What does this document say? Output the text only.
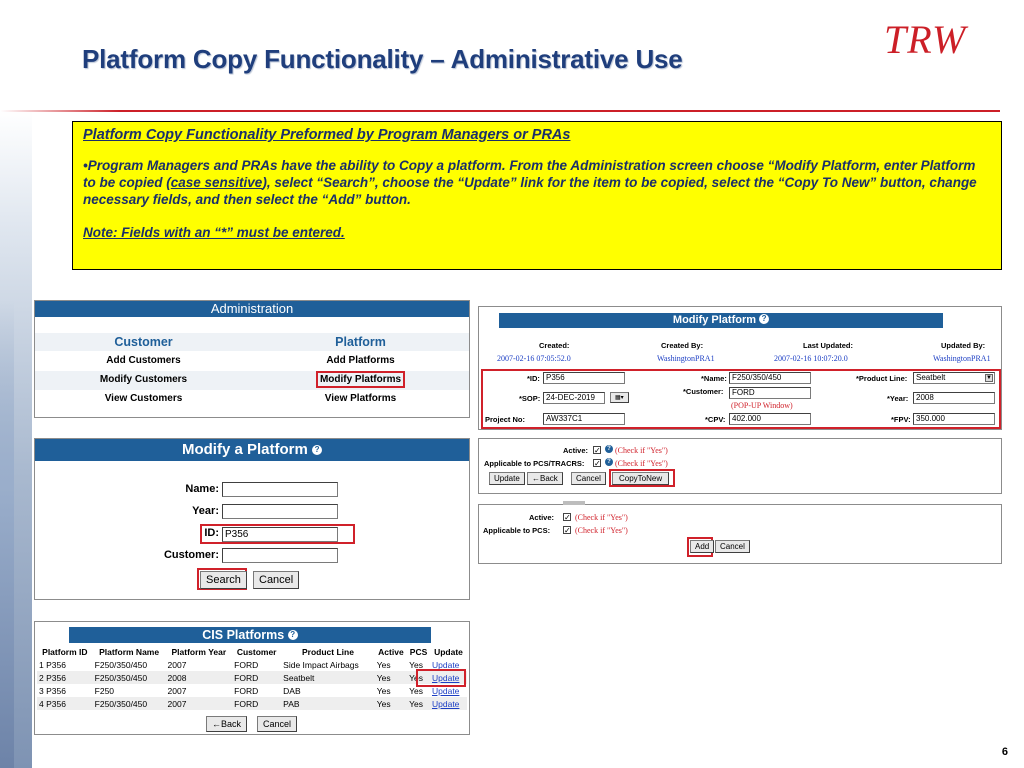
Platform Copy Functionality – Administrative Use	TRW
6
Platform Copy Functionality Preformed by Program Managers or PRAs
•Program Managers and PRAs have the ability to Copy a platform. From the Administration screen choose “Modify Platform, enter Platform to be copied (case sensitive), select “Search”, choose the “Update” link for the item to be copied, select the “Copy To New” button, change necessary fields, and then select the “Add” button.
Note: Fields with an “*” must be entered.
Administration
Customer	Platform
Add Customers	Add Platforms
Modify Customers	Modify Platforms
View Customers	View Platforms
Modify a Platform ?
Name:
Year:
ID: P356
Customer:
Search	Cancel
CIS Platforms ?
Platform ID	Platform Name	Platform Year	Customer	Product Line	Active	PCS	Update
1 P356	F250/350/450	2007	FORD	Side Impact Airbags	Yes	Yes	Update
2 P356	F250/350/450	2008	FORD	Seatbelt	Yes	Yes	Update
3 P356	F250	2007	FORD	DAB	Yes	Yes	Update
4 P356	F250/350/450	2007	FORD	PAB	Yes	Yes	Update
←Back	Cancel
Modify Platform ?
Created:	Created By:	Last Updated:	Updated By:
2007-02-16 07:05:52.0	WashingtonPRA1	2007-02-16 10:07:20.0	WashingtonPRA1
*ID: P356	*Name: F250/350/450	*Product Line:	Seatbelt	▼
*SOP: 24-DEC-2019	▦▾
*Customer:	FORD
(POP-UP Window)
*Year: 2008
Project No:	AW337C1	*CPV: 402.000	*FPV: 350.000
Active: ✓	? (Check if "Yes")
Applicable to PCS/TRACRS: ✓	? (Check if "Yes")
Update	←Back	Cancel	CopyToNew
Active: ✓ (Check if "Yes")
Applicable to PCS: ✓ (Check if "Yes")
Add	Cancel
